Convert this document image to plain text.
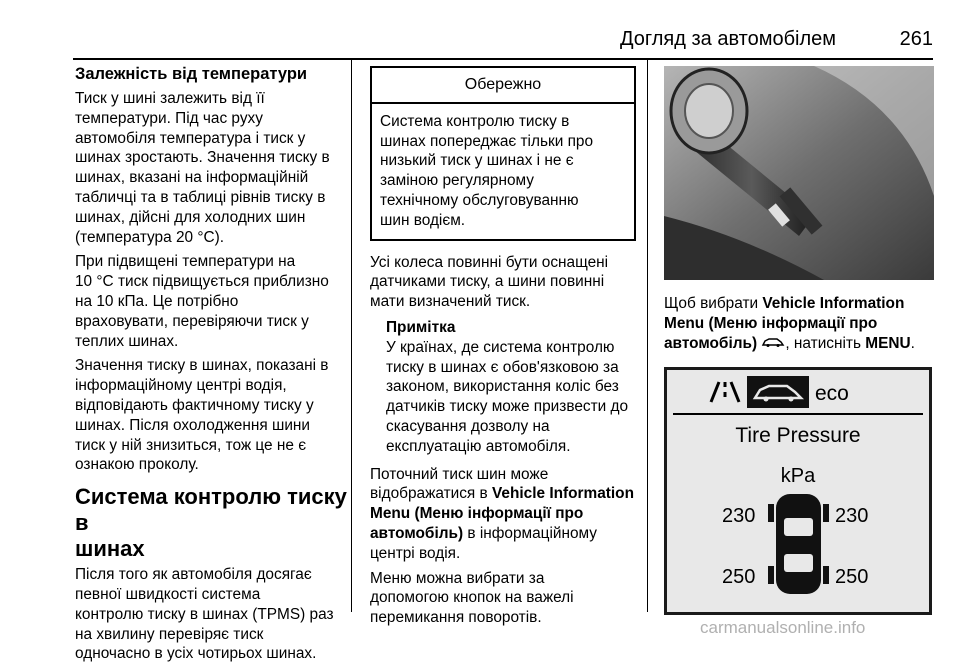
Догляд за автомобілем	261
Залежність від температури

Тиск у шині залежить від її
температури. Під час руху
автомобіля температура і тиск у
шинах зростають. Значення тиску в
шинах, вказані на інформаційній
табличці та в таблиці рівнів тиску в
шинах, дійсні для холодних шин
(температура 20 °C).

При підвищені температури на
10 °C тиск підвищується приблизно
на 10 кПа. Це потрібно
враховувати, перевіряючи тиск у
теплих шинах.

Значення тиску в шинах, показані в
інформаційному центрі водія,
відповідають фактичному тиску у
шинах. Після охолодження шини
тиск у ній знизиться, тож це не є
ознакою проколу.

Система контролю тиску в
шинах

Після того як автомобіля досягає
певної швидкості система
контролю тиску в шинах (TPMS) раз
на хвилину перевіряє тиск
одночасно в усіх чотирьох шинах.

Обережно
Система контролю тиску в
шинах попереджає тільки про
низький тиск у шинах і не є
заміною регулярному
технічному обслуговуванню
шин водієм.

Усі колеса повинні бути оснащені
датчиками тиску, а шини повинні
мати визначений тиск.

Примітка
У країнах, де система контролю
тиску в шинах є обов'язковою за
законом, використання коліс без
датчиків тиску може призвести до
скасування дозволу на
експлуатацію автомобіля.

Поточний тиск шин може
відображатися в Vehicle Information
Menu (Меню інформації про
автомобіль) в інформаційному
центрі водія.

Меню можна вибрати за
допомогою кнопок на важелі
перемикання поворотів.

Щоб вибрати Vehicle Information
Menu (Меню інформації про
автомобіль) , натисніть MENU.

eco
Tire Pressure
kPa
230	230
250	250
carmanualsonline.info
